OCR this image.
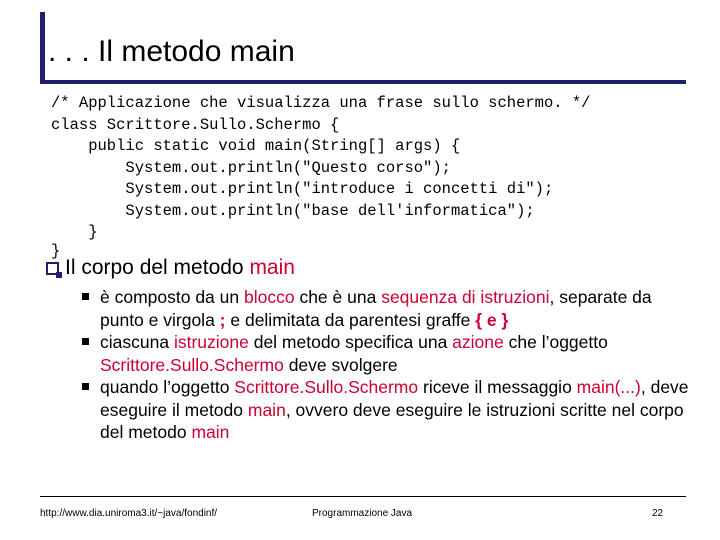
. . . Il metodo main
/* Applicazione che visualizza una frase sullo schermo. */
class Scrittore.Sullo.Schermo {
public static void main(String[] args) {
System.out.println("Questo corso");
System.out.println("introduce i concetti di");
System.out.println("base dell'informatica");
}
}
Il corpo del metodo main
è composto da un blocco che è una sequenza di istruzioni, separate da punto e virgola ; e delimitata da parentesi graffe { e }
ciascuna istruzione del metodo specifica una azione che l’oggetto Scrittore.Sullo.Schermo deve svolgere
quando l’oggetto Scrittore.Sullo.Schermo riceve il messaggio main(...), deve eseguire il metodo main, ovvero deve eseguire le istruzioni scritte nel corpo del metodo main
http://www.dia.uniroma3.it/~java/fondinf/	Programmazione Java	22
